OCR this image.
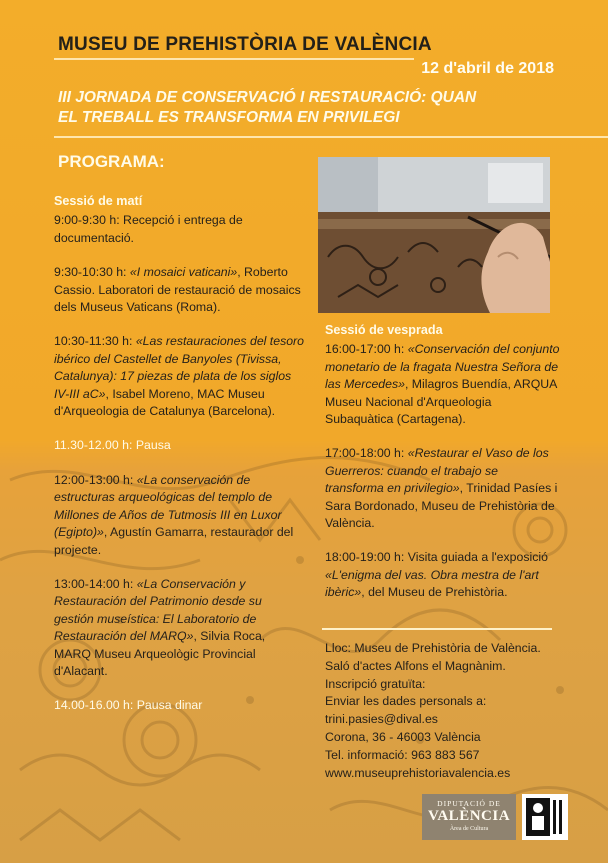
MUSEU DE PREHISTÒRIA DE VALÈNCIA
12 d'abril de 2018
III JORNADA DE CONSERVACIÓ I RESTAURACIÓ: QUAN
EL TREBALL ES TRANSFORMA EN PRIVILEGI
PROGRAMA:
Sessió de matí
9:00-9:30 h: Recepció i entrega de documentació.
9:30-10:30 h: «I mosaici vaticani», Roberto Cassio. Laboratori de restauració de mosaics dels Museus Vaticans (Roma).
10:30-11:30 h: «Las restauraciones del tesoro ibérico del Castellet de Banyoles (Tivissa, Catalunya): 17 piezas de plata de los siglos IV-III aC», Isabel Moreno, MAC Museu d'Arqueologia de Catalunya (Barcelona).
11.30-12.00 h: Pausa
12:00-13:00 h: «La conservación de estructuras arqueológicas del templo de Millones de Años de Tutmosis III en Luxor (Egipto)», Agustín Gamarra, restaurador del projecte.
13:00-14:00 h: «La Conservación y Restauración del Patrimonio desde su gestión museística: El Laboratorio de Restauración del MARQ», Silvia Roca, MARQ Museu Arqueològic Provincial d'Alacant.
14.00-16.00 h: Pausa dinar
Sessió de vesprada
16:00-17:00 h: «Conservación del conjunto monetario de la fragata Nuestra Señora de las Mercedes», Milagros Buendía, ARQUA Museu Nacional d'Arqueologia Subaquàtica (Cartagena).
17:00-18:00 h: «Restaurar el Vaso de los Guerreros: cuando el trabajo se transforma en privilegio», Trinidad Pasíes i Sara Bordonado, Museu de Prehistòria de València.
18:00-19:00 h: Visita guiada a l'exposició «L'enigma del vas. Obra mestra de l'art ibèric», del Museu de Prehistòria.
Lloc: Museu de Prehistòria de València.
Saló d'actes Alfons el Magnànim.
Inscripció gratuïta:
Enviar les dades personals a:
trini.pasies@dival.es
Corona, 36 - 46003 València
Tel. informació: 963 883 567
www.museuprehistoriavalencia.es
DIPUTACIÓ DE
VALÈNCIA
Àrea de Cultura
